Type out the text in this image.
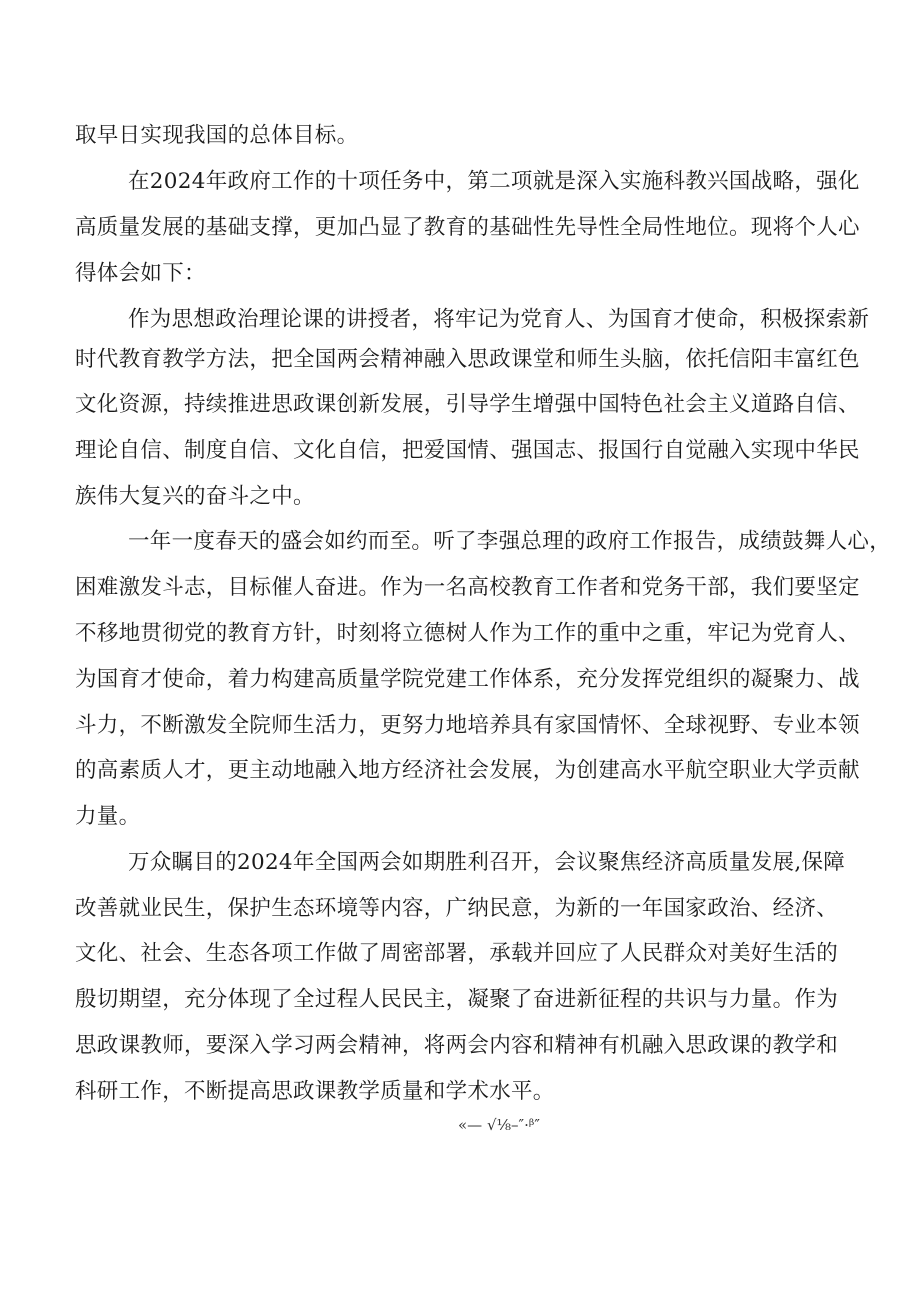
取早日实现我国的总体目标。
在2024年政府工作的十项任务中，第二项就是深入实施科教兴国战略，强化
高质量发展的基础支撑，更加凸显了教育的基础性先导性全局性地位。现将个人心
得体会如下：
作为思想政治理论课的讲授者，将牢记为党育人、为国育才使命，积极探索新
时代教育教学方法，把全国两会精神融入思政课堂和师生头脑，依托信阳丰富红色
文化资源，持续推进思政课创新发展，引导学生增强中国特色社会主义道路自信、
理论自信、制度自信、文化自信，把爱国情、强国志、报国行自觉融入实现中华民
族伟大复兴的奋斗之中。
一年一度春天的盛会如约而至。听了李强总理的政府工作报告，成绩鼓舞人心，
困难激发斗志，目标催人奋进。作为一名高校教育工作者和党务干部，我们要坚定
不移地贯彻党的教育方针，时刻将立德树人作为工作的重中之重，牢记为党育人、
为国育才使命，着力构建高质量学院党建工作体系，充分发挥党组织的凝聚力、战
斗力，不断激发全院师生活力，更努力地培养具有家国情怀、全球视野、专业本领
的高素质人才，更主动地融入地方经济社会发展，为创建高水平航空职业大学贡献
力量。
万众瞩目的2024年全国两会如期胜利召开，会议聚焦经济高质量发展,保障
改善就业民生，保护生态环境等内容，广纳民意，为新的一年国家政治、经济、
文化、社会、生态各项工作做了周密部署，承载并回应了人民群众对美好生活的
殷切期望，充分体现了全过程人民民主，凝聚了奋进新征程的共识与力量。作为
思政课教师，要深入学习两会精神，将两会内容和精神有机融入思政课的教学和
科研工作，不断提高思政课教学质量和学术水平。
«— √⅛–″·ᵝ″
